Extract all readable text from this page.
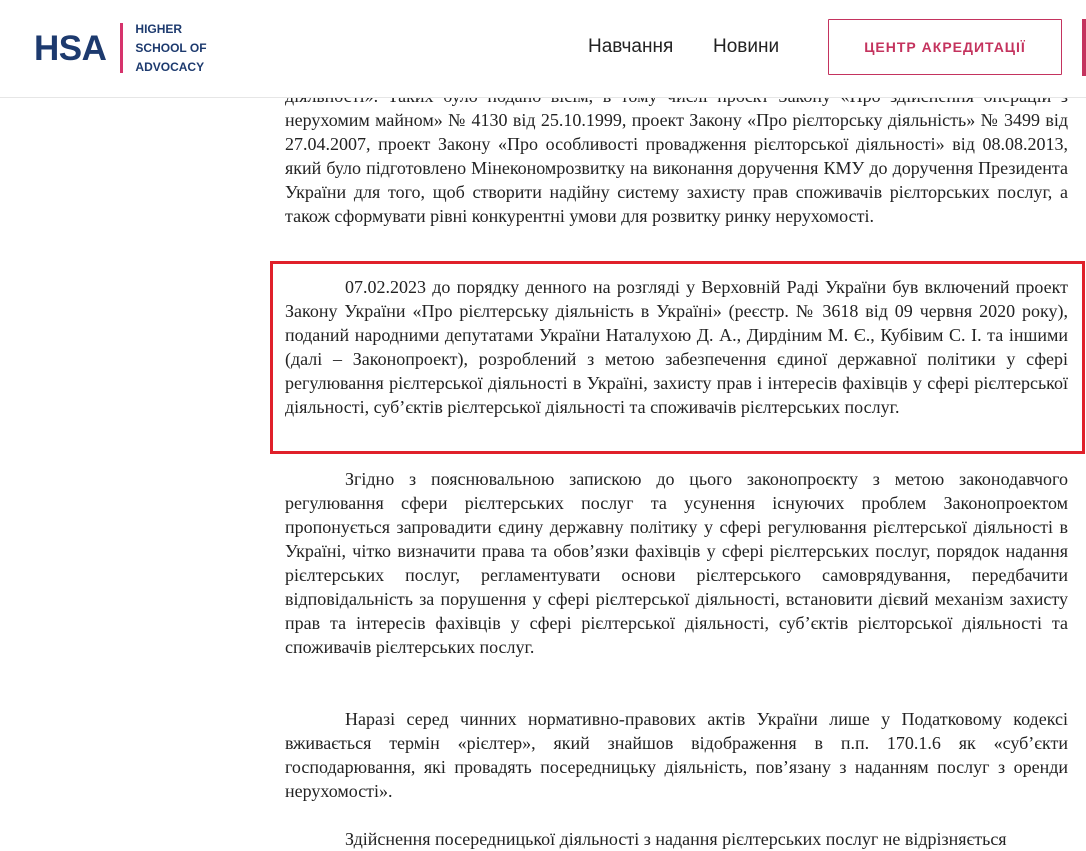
нерухомим майном» № 4130 від 25.10.1999, проект Закону «Про рієлторську діяльність» № 3499 від 27.04.2007, проект Закону «Про особливості провадження рієлторської діяльності» від 08.08.2013, який було підготовлено Мінекономрозвитку на виконання доручення КМУ до доручення Президента України для того, щоб створити надійну систему захисту прав споживачів рієлторських послуг, а також сформувати рівні конкурентні умови для розвитку ринку нерухомості.

07.02.2023 до порядку денного на розгляді у Верховній Раді України був включений проект Закону України «Про рієлтерську діяльність в Україні» (реєстр. № 3618 від 09 червня 2020 року), поданий народними депутатами України Наталухою Д. А., Дирдіним М. Є., Кубівим С. І. та іншими (далі – Законопроект), розроблений з метою забезпечення єдиної державної політики у сфері регулювання рієлтерської діяльності в Україні, захисту прав і інтересів фахівців у сфері рієлтерської діяльності, суб’єктів рієлтерської діяльності та споживачів рієлтерських послуг.

Згідно з пояснювальною запискою до цього законопроєкту з метою законодавчого регулювання сфери рієлтерських послуг та усунення існуючих проблем Законопроектом пропонується запровадити єдину державну політику у сфері регулювання рієлтерської діяльності в Україні, чітко визначити права та обов’язки фахівців у сфері рієлтерських послуг, порядок надання рієлтерських послуг, регламентувати основи рієлтерського самоврядування, передбачити відповідальність за порушення у сфері рієлтерської діяльності, встановити дієвий механізм захисту прав та інтересів фахівців у сфері рієлтерської діяльності, суб’єктів рієлторської діяльності та споживачів рієлтерських послуг.

Наразі серед чинних нормативно-правових актів України лише у Податковому кодексі вживається термін «рієлтер», який знайшов відображення в п.п. 170.1.6 як «суб’єкти господарювання, які провадять посередницьку діяльність, пов’язану з наданням послуг з оренди нерухомості».

Здійснення посередницької діяльності з надання рієлтерських послуг не відрізняється

HSA HIGHER
SCHOOL OF
ADVOCACY
Навчання Новини	ЦЕНТР АКРЕДИТАЦІЇ
